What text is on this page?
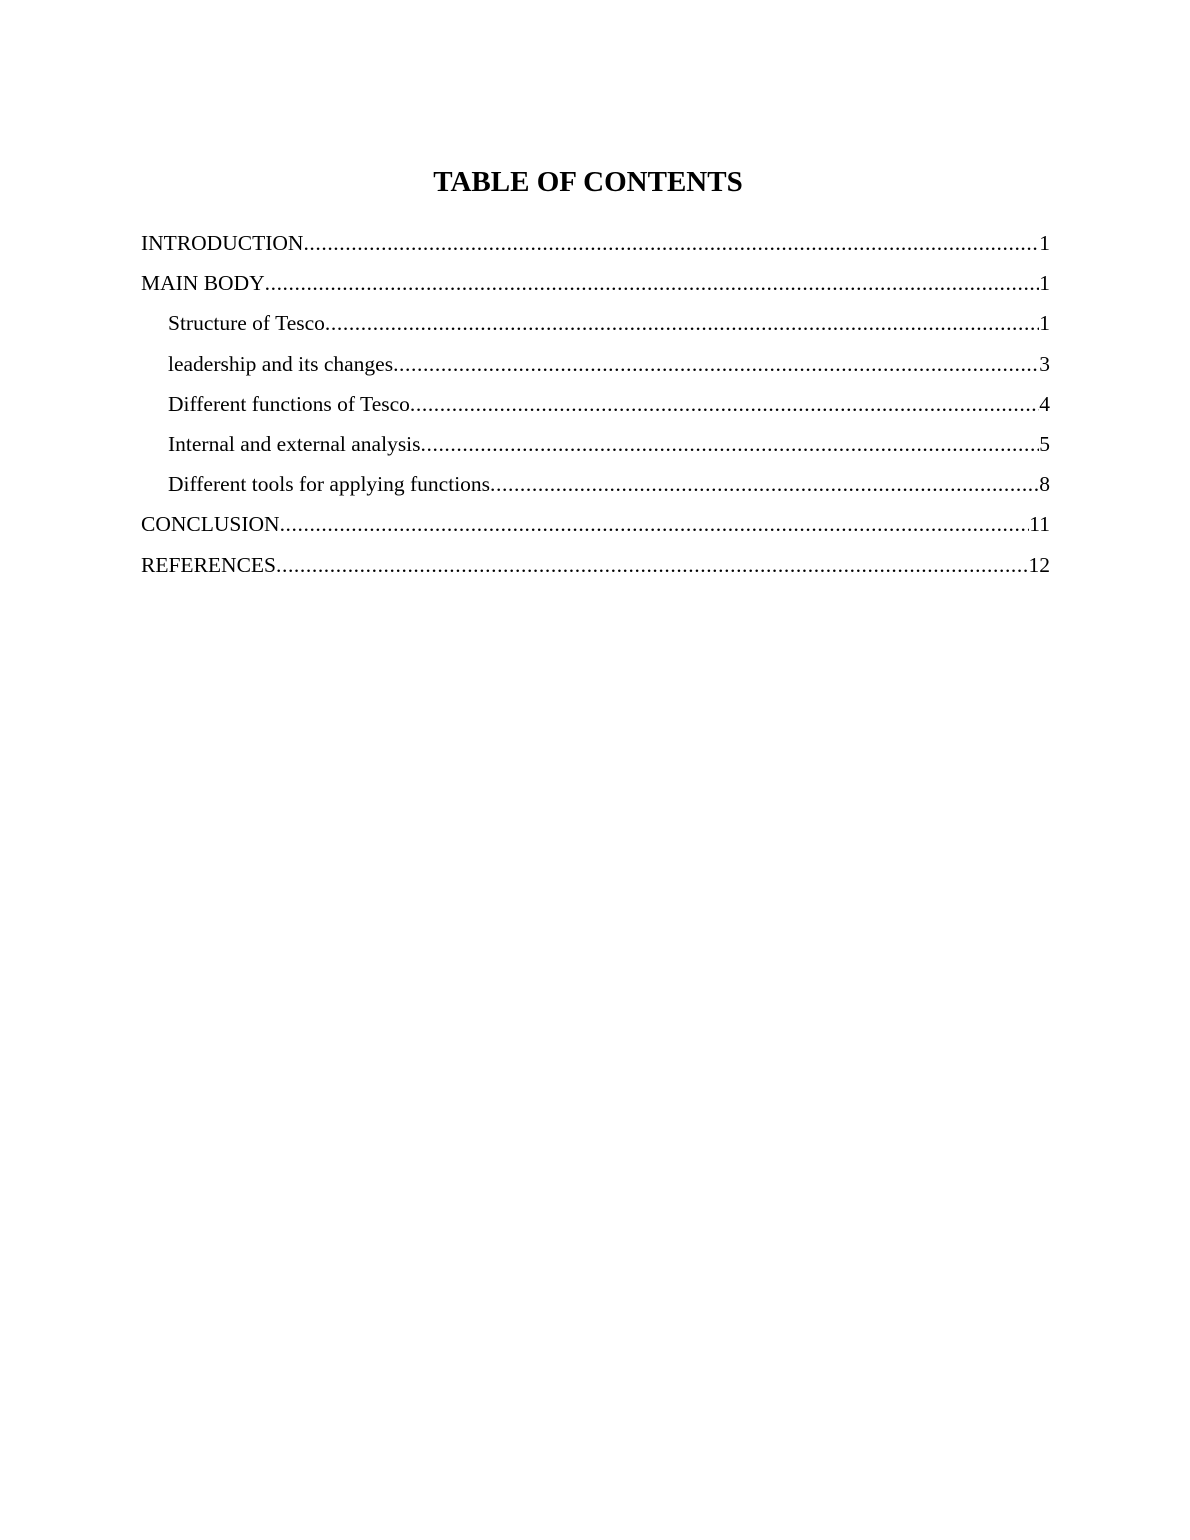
TABLE OF CONTENTS
INTRODUCTION .....	1
MAIN BODY .....	1
Structure of Tesco .....	1
leadership and its changes .....	3
Different functions of Tesco .....	4
Internal and external analysis .....	5
Different tools for applying functions .....	8
CONCLUSION .....	11
REFERENCES .....	12
